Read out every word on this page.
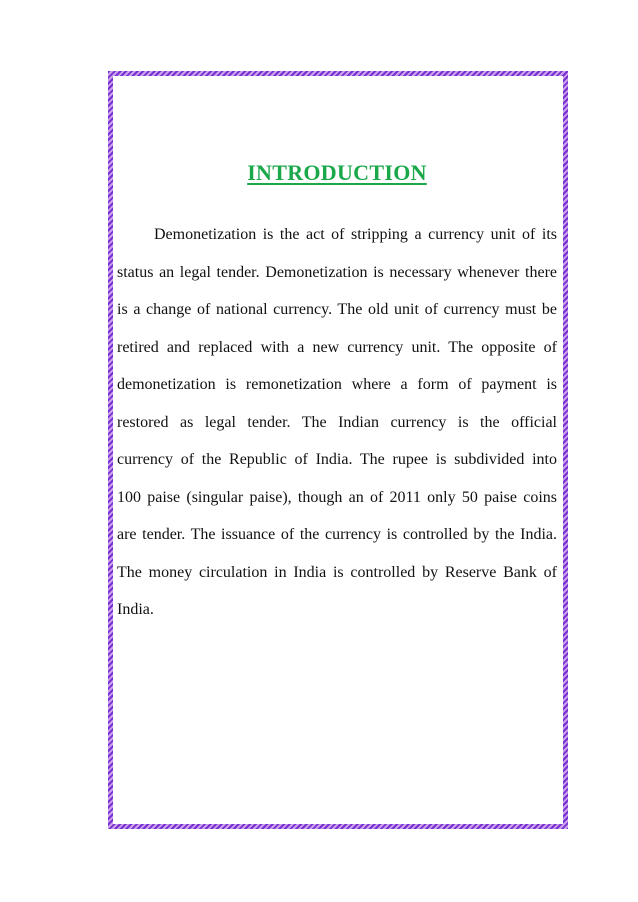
INTRODUCTION

Demonetization is the act of stripping a currency unit of its status an legal tender. Demonetization is necessary whenever there is a change of national currency. The old unit of currency must be retired and replaced with a new currency unit. The opposite of demonetization is remonetization where a form of payment is restored as legal tender. The Indian currency is the official currency of the Republic of India. The rupee is subdivided into 100 paise (singular paise), though an of 2011 only 50 paise coins are tender. The issuance of the currency is controlled by the India. The money circulation in India is controlled by Reserve Bank of India.
